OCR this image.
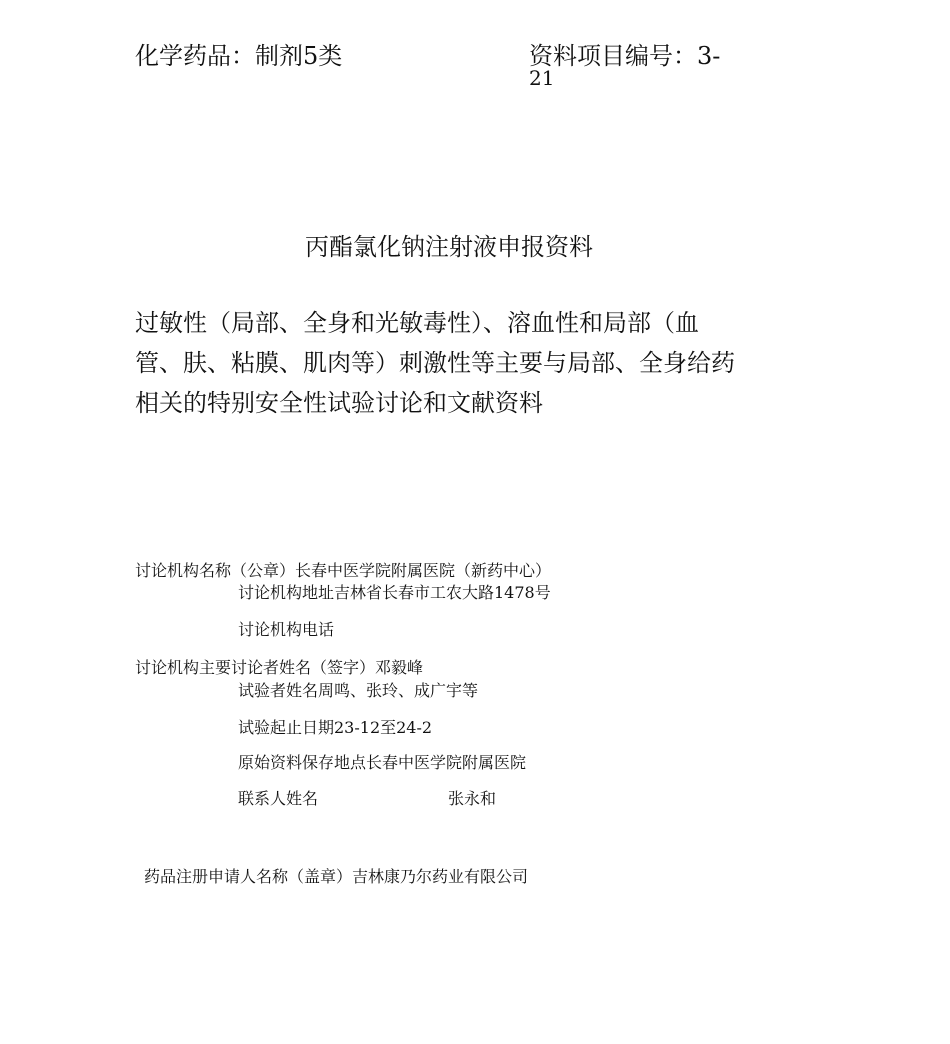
化学药品：制剂5类	资料项目编号：3-
21
丙酯氯化钠注射液申报资料
过敏性（局部、全身和光敏毒性）、溶血性和局部（血
管、肤、粘膜、肌肉等）刺激性等主要与局部、全身给药
相关的特别安全性试验讨论和文献资料
讨论机构名称（公章）长春中医学院附属医院（新药中心）
讨论机构地址吉林省长春市工农大路1478号
讨论机构电话
讨论机构主要讨论者姓名（签字）邓毅峰
试验者姓名周鸣、张玲、成广宇等
试验起止日期23-12至24-2
原始资料保存地点长春中医学院附属医院
联系人姓名	张永和
药品注册申请人名称（盖章）吉林康乃尔药业有限公司
